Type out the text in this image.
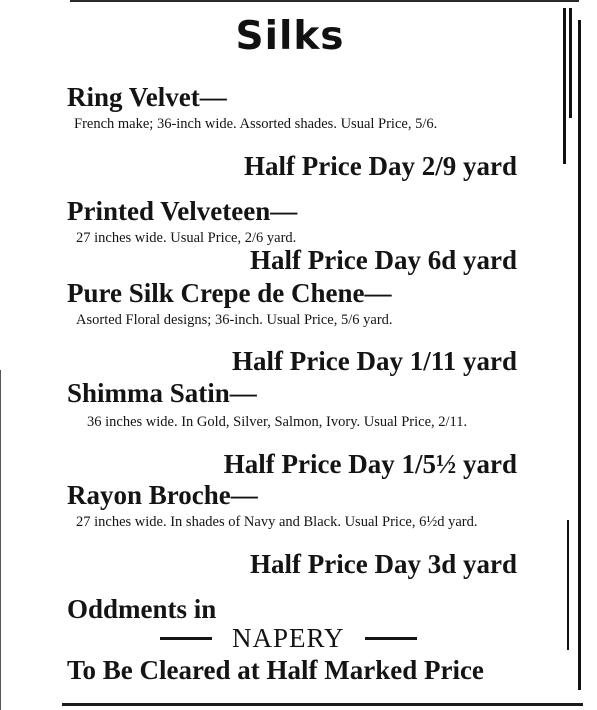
Silks
Ring Velvet—
French make; 36-inch wide. Assorted shades. Usual Price, 5/6.
Half Price Day 2/9 yard
Printed Velveteen—
27 inches wide. Usual Price, 2/6 yard.
Half Price Day 6d yard
Pure Silk Crepe de Chene—
Asorted Floral designs; 36-inch. Usual Price, 5/6 yard.
Half Price Day 1/11 yard
Shimma Satin—
36 inches wide. In Gold, Silver, Salmon, Ivory. Usual Price, 2/11.
Half Price Day 1/5½ yard
Rayon Broche—
27 inches wide. In shades of Navy and Black. Usual Price, 6½d yard.
Half Price Day 3d yard
Oddments in
NAPERY
To Be Cleared at Half Marked Price
